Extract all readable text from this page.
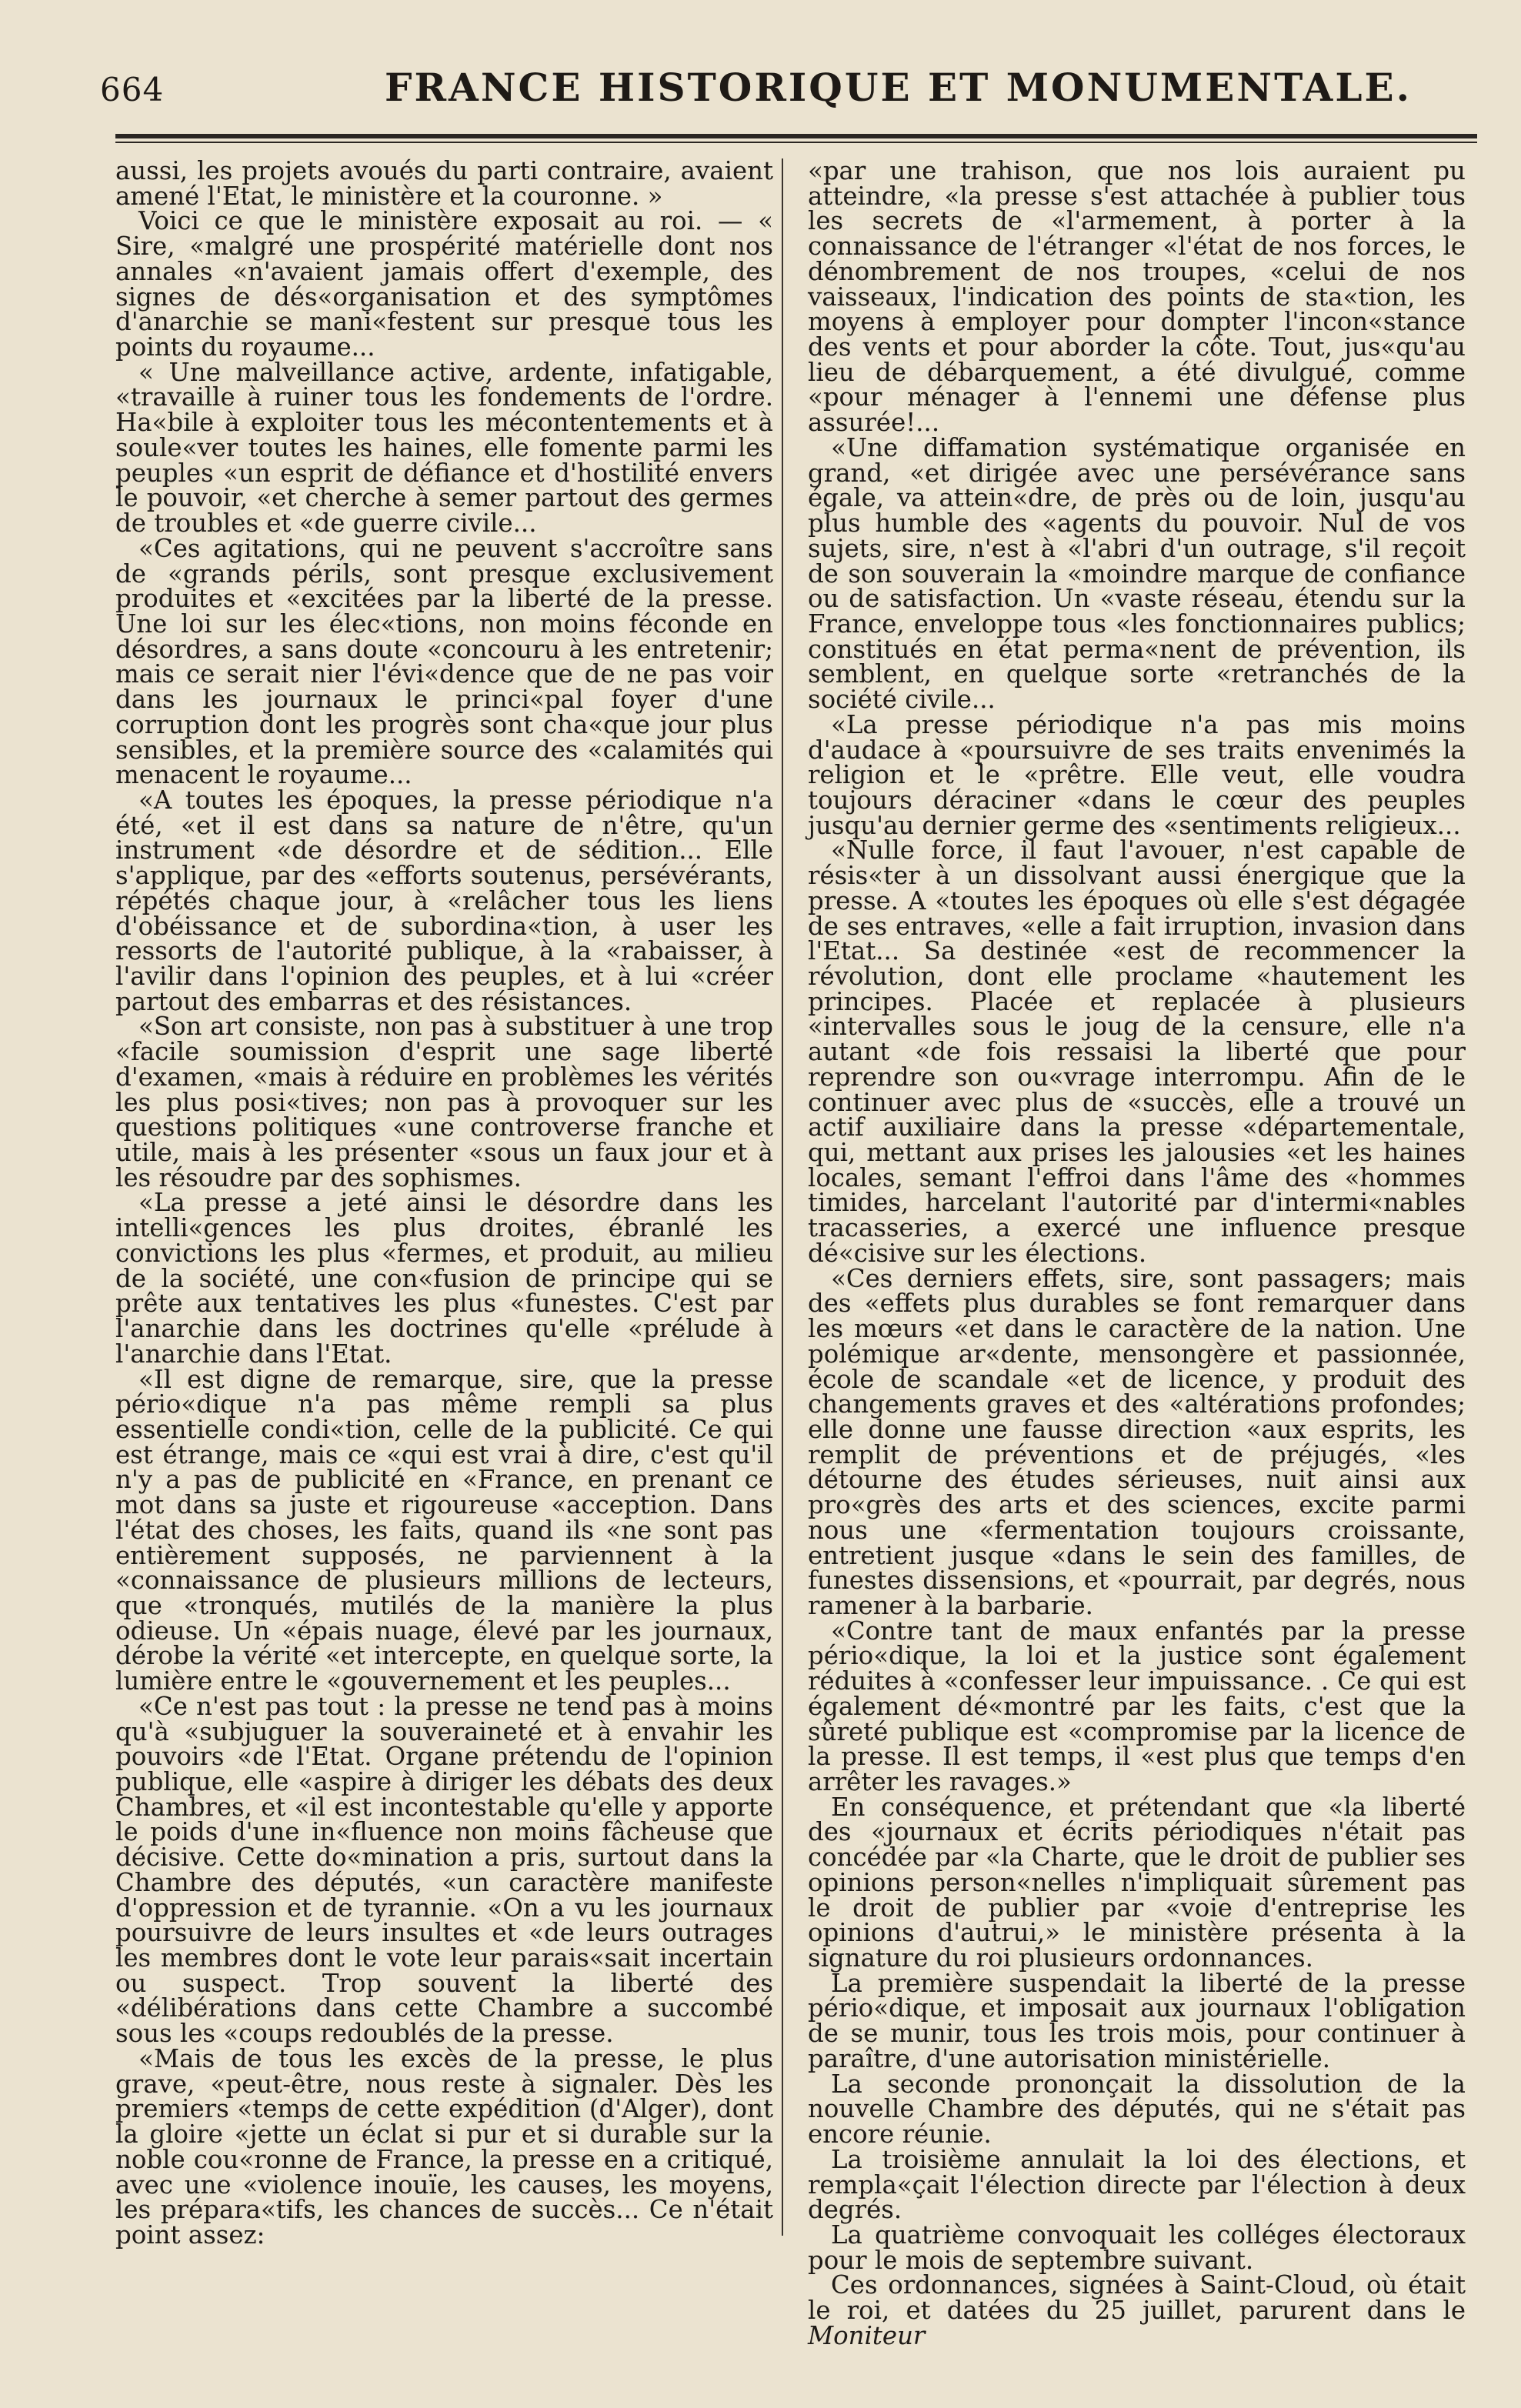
664	FRANCE HISTORIQUE ET MONUMENTALE.

aussi, les projets avoués du parti contraire, avaient amené l'Etat, le ministère et la couronne. »

Voici ce que le ministère exposait au roi. — « Sire, «malgré une prospérité matérielle dont nos annales «n'avaient jamais offert d'exemple, des signes de dés«organisation et des symptômes d'anarchie se mani«festent sur presque tous les points du royaume...

« Une malveillance active, ardente, infatigable, «travaille à ruiner tous les fondements de l'ordre. Ha«bile à exploiter tous les mécontentements et à soule«ver toutes les haines, elle fomente parmi les peuples «un esprit de défiance et d'hostilité envers le pouvoir, «et cherche à semer partout des germes de troubles et «de guerre civile...

«Ces agitations, qui ne peuvent s'accroître sans de «grands périls, sont presque exclusivement produites et «excitées par la liberté de la presse. Une loi sur les élec«tions, non moins féconde en désordres, a sans doute «concouru à les entretenir; mais ce serait nier l'évi«dence que de ne pas voir dans les journaux le princi«pal foyer d'une corruption dont les progrès sont cha«que jour plus sensibles, et la première source des «calamités qui menacent le royaume...

«A toutes les époques, la presse périodique n'a été, «et il est dans sa nature de n'être, qu'un instrument «de désordre et de sédition... Elle s'applique, par des «efforts soutenus, persévérants, répétés chaque jour, à «relâcher tous les liens d'obéissance et de subordina«tion, à user les ressorts de l'autorité publique, à la «rabaisser, à l'avilir dans l'opinion des peuples, et à lui «créer partout des embarras et des résistances.

«Son art consiste, non pas à substituer à une trop «facile soumission d'esprit une sage liberté d'examen, «mais à réduire en problèmes les vérités les plus posi«tives; non pas à provoquer sur les questions politiques «une controverse franche et utile, mais à les présenter «sous un faux jour et à les résoudre par des sophismes.

«La presse a jeté ainsi le désordre dans les intelli«gences les plus droites, ébranlé les convictions les plus «fermes, et produit, au milieu de la société, une con«fusion de principe qui se prête aux tentatives les plus «funestes. C'est par l'anarchie dans les doctrines qu'elle «prélude à l'anarchie dans l'Etat.

«Il est digne de remarque, sire, que la presse pério«dique n'a pas même rempli sa plus essentielle condi«tion, celle de la publicité. Ce qui est étrange, mais ce «qui est vrai à dire, c'est qu'il n'y a pas de publicité en «France, en prenant ce mot dans sa juste et rigoureuse «acception. Dans l'état des choses, les faits, quand ils «ne sont pas entièrement supposés, ne parviennent à la «connaissance de plusieurs millions de lecteurs, que «tronqués, mutilés de la manière la plus odieuse. Un «épais nuage, élevé par les journaux, dérobe la vérité «et intercepte, en quelque sorte, la lumière entre le «gouvernement et les peuples...

«Ce n'est pas tout : la presse ne tend pas à moins qu'à «subjuguer la souveraineté et à envahir les pouvoirs «de l'Etat. Organe prétendu de l'opinion publique, elle «aspire à diriger les débats des deux Chambres, et «il est incontestable qu'elle y apporte le poids d'une in«fluence non moins fâcheuse que décisive. Cette do«mination a pris, surtout dans la Chambre des députés, «un caractère manifeste d'oppression et de tyrannie. «On a vu les journaux poursuivre de leurs insultes et «de leurs outrages les membres dont le vote leur parais«sait incertain ou suspect. Trop souvent la liberté des «délibérations dans cette Chambre a succombé sous les «coups redoublés de la presse.

«Mais de tous les excès de la presse, le plus grave, «peut-être, nous reste à signaler. Dès les premiers «temps de cette expédition (d'Alger), dont la gloire «jette un éclat si pur et si durable sur la noble cou«ronne de France, la presse en a critiqué, avec une «violence inouïe, les causes, les moyens, les prépara«tifs, les chances de succès... Ce n'était point assez:

«par une trahison, que nos lois auraient pu atteindre, «la presse s'est attachée à publier tous les secrets de «l'armement, à porter à la connaissance de l'étranger «l'état de nos forces, le dénombrement de nos troupes, «celui de nos vaisseaux, l'indication des points de sta«tion, les moyens à employer pour dompter l'incon«stance des vents et pour aborder la côte. Tout, jus«qu'au lieu de débarquement, a été divulgué, comme «pour ménager à l'ennemi une défense plus assurée!...

«Une diffamation systématique organisée en grand, «et dirigée avec une persévérance sans égale, va attein«dre, de près ou de loin, jusqu'au plus humble des «agents du pouvoir. Nul de vos sujets, sire, n'est à «l'abri d'un outrage, s'il reçoit de son souverain la «moindre marque de confiance ou de satisfaction. Un «vaste réseau, étendu sur la France, enveloppe tous «les fonctionnaires publics; constitués en état perma«nent de prévention, ils semblent, en quelque sorte «retranchés de la société civile...

«La presse périodique n'a pas mis moins d'audace à «poursuivre de ses traits envenimés la religion et le «prêtre. Elle veut, elle voudra toujours déraciner «dans le cœur des peuples jusqu'au dernier germe des «sentiments religieux...

«Nulle force, il faut l'avouer, n'est capable de résis«ter à un dissolvant aussi énergique que la presse. A «toutes les époques où elle s'est dégagée de ses entraves, «elle a fait irruption, invasion dans l'Etat... Sa destinée «est de recommencer la révolution, dont elle proclame «hautement les principes. Placée et replacée à plusieurs «intervalles sous le joug de la censure, elle n'a autant «de fois ressaisi la liberté que pour reprendre son ou«vrage interrompu. Afin de le continuer avec plus de «succès, elle a trouvé un actif auxiliaire dans la presse «départementale, qui, mettant aux prises les jalousies «et les haines locales, semant l'effroi dans l'âme des «hommes timides, harcelant l'autorité par d'intermi«nables tracasseries, a exercé une influence presque dé«cisive sur les élections.

«Ces derniers effets, sire, sont passagers; mais des «effets plus durables se font remarquer dans les mœurs «et dans le caractère de la nation. Une polémique ar«dente, mensongère et passionnée, école de scandale «et de licence, y produit des changements graves et des «altérations profondes; elle donne une fausse direction «aux esprits, les remplit de préventions et de préjugés, «les détourne des études sérieuses, nuit ainsi aux pro«grès des arts et des sciences, excite parmi nous une «fermentation toujours croissante, entretient jusque «dans le sein des familles, de funestes dissensions, et «pourrait, par degrés, nous ramener à la barbarie.

«Contre tant de maux enfantés par la presse pério«dique, la loi et la justice sont également réduites à «confesser leur impuissance. . Ce qui est également dé«montré par les faits, c'est que la sûreté publique est «compromise par la licence de la presse. Il est temps, il «est plus que temps d'en arrêter les ravages.»

En conséquence, et prétendant que «la liberté des «journaux et écrits périodiques n'était pas concédée par «la Charte, que le droit de publier ses opinions person«nelles n'impliquait sûrement pas le droit de publier par «voie d'entreprise les opinions d'autrui,» le ministère présenta à la signature du roi plusieurs ordonnances.

La première suspendait la liberté de la presse pério«dique, et imposait aux journaux l'obligation de se munir, tous les trois mois, pour continuer à paraître, d'une autorisation ministérielle.

La seconde prononçait la dissolution de la nouvelle Chambre des députés, qui ne s'était pas encore réunie.

La troisième annulait la loi des élections, et rempla«çait l'élection directe par l'élection à deux degrés.

La quatrième convoquait les colléges électoraux pour le mois de septembre suivant.

Ces ordonnances, signées à Saint-Cloud, où était le roi, et datées du 25 juillet, parurent dans le Moniteur
